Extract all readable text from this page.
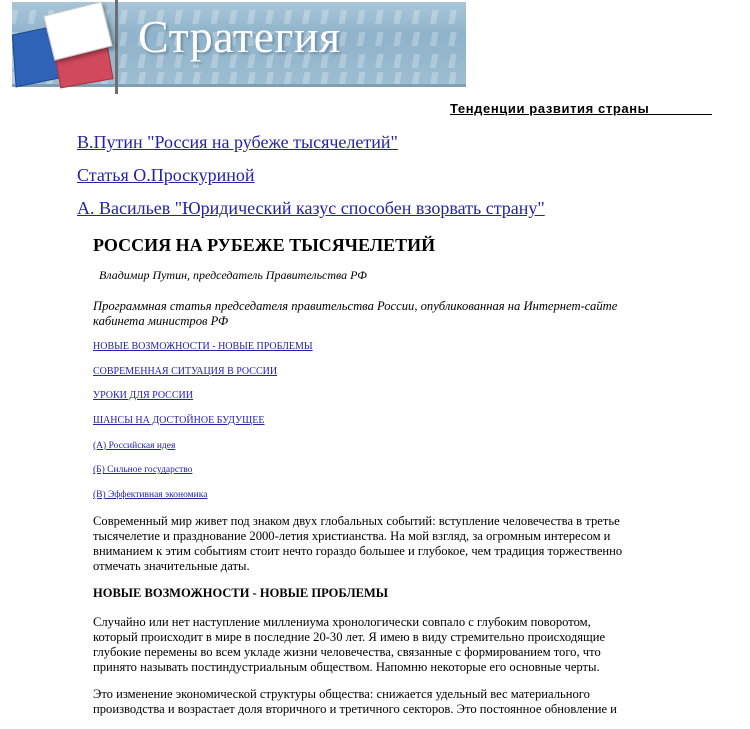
Стратегия
Тенденции развития страны________
В.Путин "Россия на рубеже тысячелетий"
Статья О.Проскуриной
А. Васильев "Юридический казус способен взорвать страну"
РОССИЯ НА РУБЕЖЕ ТЫСЯЧЕЛЕТИЙ
Владимир Путин, председатель Правительства РФ
Программная статья председателя правительства России, опубликованная на Интернет-сайте кабинета министров РФ
НОВЫЕ ВОЗМОЖНОСТИ - НОВЫЕ ПРОБЛЕМЫ
СОВРЕМЕННАЯ СИТУАЦИЯ В РОССИИ
УРОКИ ДЛЯ РОССИИ
ШАНСЫ НА ДОСТОЙНОЕ БУДУЩЕЕ
(А) Российская идея
(Б) Сильное государство
(В) Эффективная экономика
Современный мир живет под знаком двух глобальных событий: вступление человечества в третье тысячелетие и празднование 2000-летия христианства. На мой взгляд, за огромным интересом и вниманием к этим событиям стоит нечто гораздо большее и глубокое, чем традиция торжественно отмечать значительные даты.
НОВЫЕ ВОЗМОЖНОСТИ - НОВЫЕ ПРОБЛЕМЫ
Случайно или нет наступление миллениума хронологически совпало с глубоким поворотом, который происходит в мире в последние 20-30 лет. Я имею в виду стремительно происходящие глубокие перемены во всем укладе жизни человечества, связанные с формированием того, что принято называть постиндустриальным обществом. Напомню некоторые его основные черты.
Это изменение экономической структуры общества: снижается удельный вес материального производства и возрастает доля вторичного и третичного секторов. Это постоянное обновление и
